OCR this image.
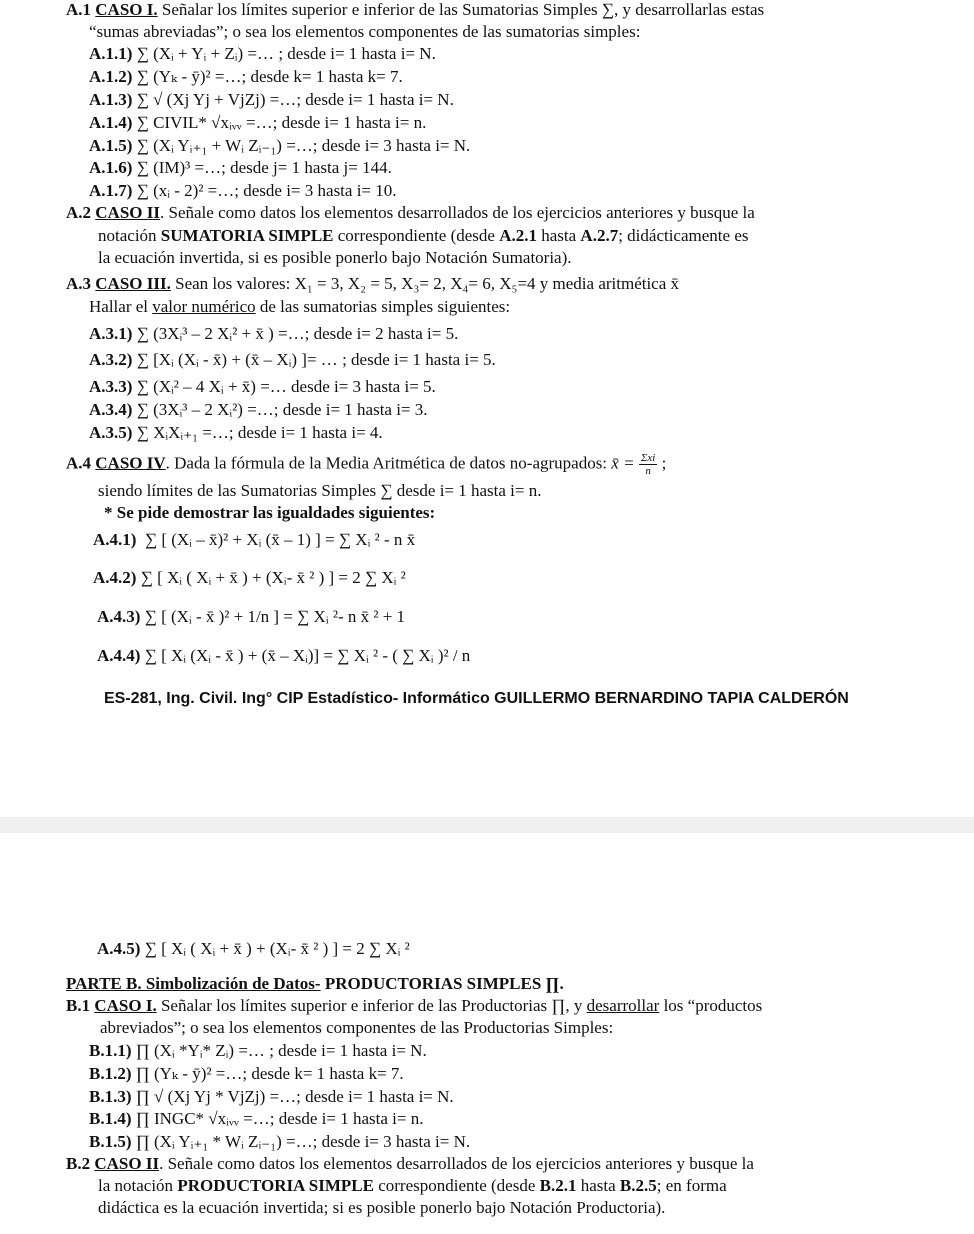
A.1 CASO I. Señalar los límites superior e inferior de las Sumatorias Simples ∑, y desarrollarlas estas
“sumas abreviadas”; o sea los elementos componentes de las sumatorias simples:
A.1.1) ∑ (Xᵢ + Yᵢ + Zᵢ) =… ; desde i= 1 hasta i= N.
A.1.2) ∑ (Yₖ - ȳ)² =…; desde k= 1 hasta k= 7.
A.1.3) ∑ √ (Xj Yj + VjZj) =…; desde i= 1 hasta i= N.
A.1.4) ∑ CIVIL* √xᵢᵥᵥ =…; desde i= 1 hasta i= n.
A.1.5) ∑ (Xᵢ Yᵢ₊₁ + Wᵢ Zᵢ₋₁) =…; desde i= 3 hasta i= N.
A.1.6) ∑ (IM)³ =…; desde j= 1 hasta j= 144.
A.1.7) ∑ (xᵢ - 2)² =…; desde i= 3 hasta i= 10.
A.2 CASO II. Señale como datos los elementos desarrollados de los ejercicios anteriores y busque la
notación SUMATORIA SIMPLE correspondiente (desde A.2.1 hasta A.2.7; didácticamente es
la ecuación invertida, si es posible ponerlo bajo Notación Sumatoria).
A.3 CASO III. Sean los valores: X₁ = 3, X₂ = 5, X₃= 2, X₄= 6, X₅=4 y media aritmética x̄
Hallar el valor numérico de las sumatorias simples siguientes:
A.3.1) ∑ (3Xᵢ³ – 2 Xᵢ² + x̄ ) =…; desde i= 2 hasta i= 5.
A.3.2) ∑ [Xᵢ (Xᵢ - x̄) + (x̄ – Xᵢ) ]= … ; desde i= 1 hasta i= 5.
A.3.3) ∑ (Xᵢ² – 4 Xᵢ + x̄) =… desde i= 3 hasta i= 5.
A.3.4) ∑ (3Xᵢ³ – 2 Xᵢ²) =…; desde i= 1 hasta i= 3.
A.3.5) ∑ XᵢXᵢ₊₁ =…; desde i= 1 hasta i= 4.
A.4 CASO IV. Dada la fórmula de la Media Aritmética de datos no-agrupados: x̄ = $\frac{\text{Σxi}}{n}$ ;
siendo límites de las Sumatorias Simples ∑ desde i= 1 hasta i= n.
* Se pide demostrar las igualdades siguientes:
A.4.1) ∑ [ (Xᵢ – x̄)² + Xᵢ (x̄ – 1) ] = ∑ Xᵢ ² - n x̄
A.4.2) ∑ [ Xᵢ ( Xᵢ + x̄ ) + (Xᵢ- x̄ ² ) ] = 2 ∑ Xᵢ ²
A.4.3) ∑ [ (Xᵢ - x̄ )² + 1/n ] = ∑ Xᵢ ²- n x̄ ² + 1
A.4.4) ∑ [ Xᵢ (Xᵢ - x̄ ) + (x̄ – Xᵢ)] = ∑ Xᵢ ² - ( ∑ Xᵢ )² / n
ES-281, Ing. Civil. Ing° CIP Estadístico- Informático GUILLERMO BERNARDINO TAPIA CALDERÓN
A.4.5) ∑ [ Xᵢ ( Xᵢ + x̄ ) + (Xᵢ- x̄ ² ) ] = 2 ∑ Xᵢ ²
PARTE B. Simbolización de Datos- PRODUCTORIAS SIMPLES ∏.
B.1 CASO I. Señalar los límites superior e inferior de las Productorias ∏, y desarrollar los “productos
abreviados”; o sea los elementos componentes de las Productorias Simples:
B.1.1) ∏ (Xᵢ *Yᵢ* Zᵢ) =… ; desde i= 1 hasta i= N.
B.1.2) ∏ (Yₖ - ȳ)² =…; desde k= 1 hasta k= 7.
B.1.3) ∏ √ (Xj Yj * VjZj) =…; desde i= 1 hasta i= N.
B.1.4) ∏ INGC* √xᵢᵥᵥ =…; desde i= 1 hasta i= n.
B.1.5) ∏ (Xᵢ Yᵢ₊₁ * Wᵢ Zᵢ₋₁) =…; desde i= 3 hasta i= N.
B.2 CASO II. Señale como datos los elementos desarrollados de los ejercicios anteriores y busque la
la notación PRODUCTORIA SIMPLE correspondiente (desde B.2.1 hasta B.2.5; en forma
didáctica es la ecuación invertida; si es posible ponerlo bajo Notación Productoria).
